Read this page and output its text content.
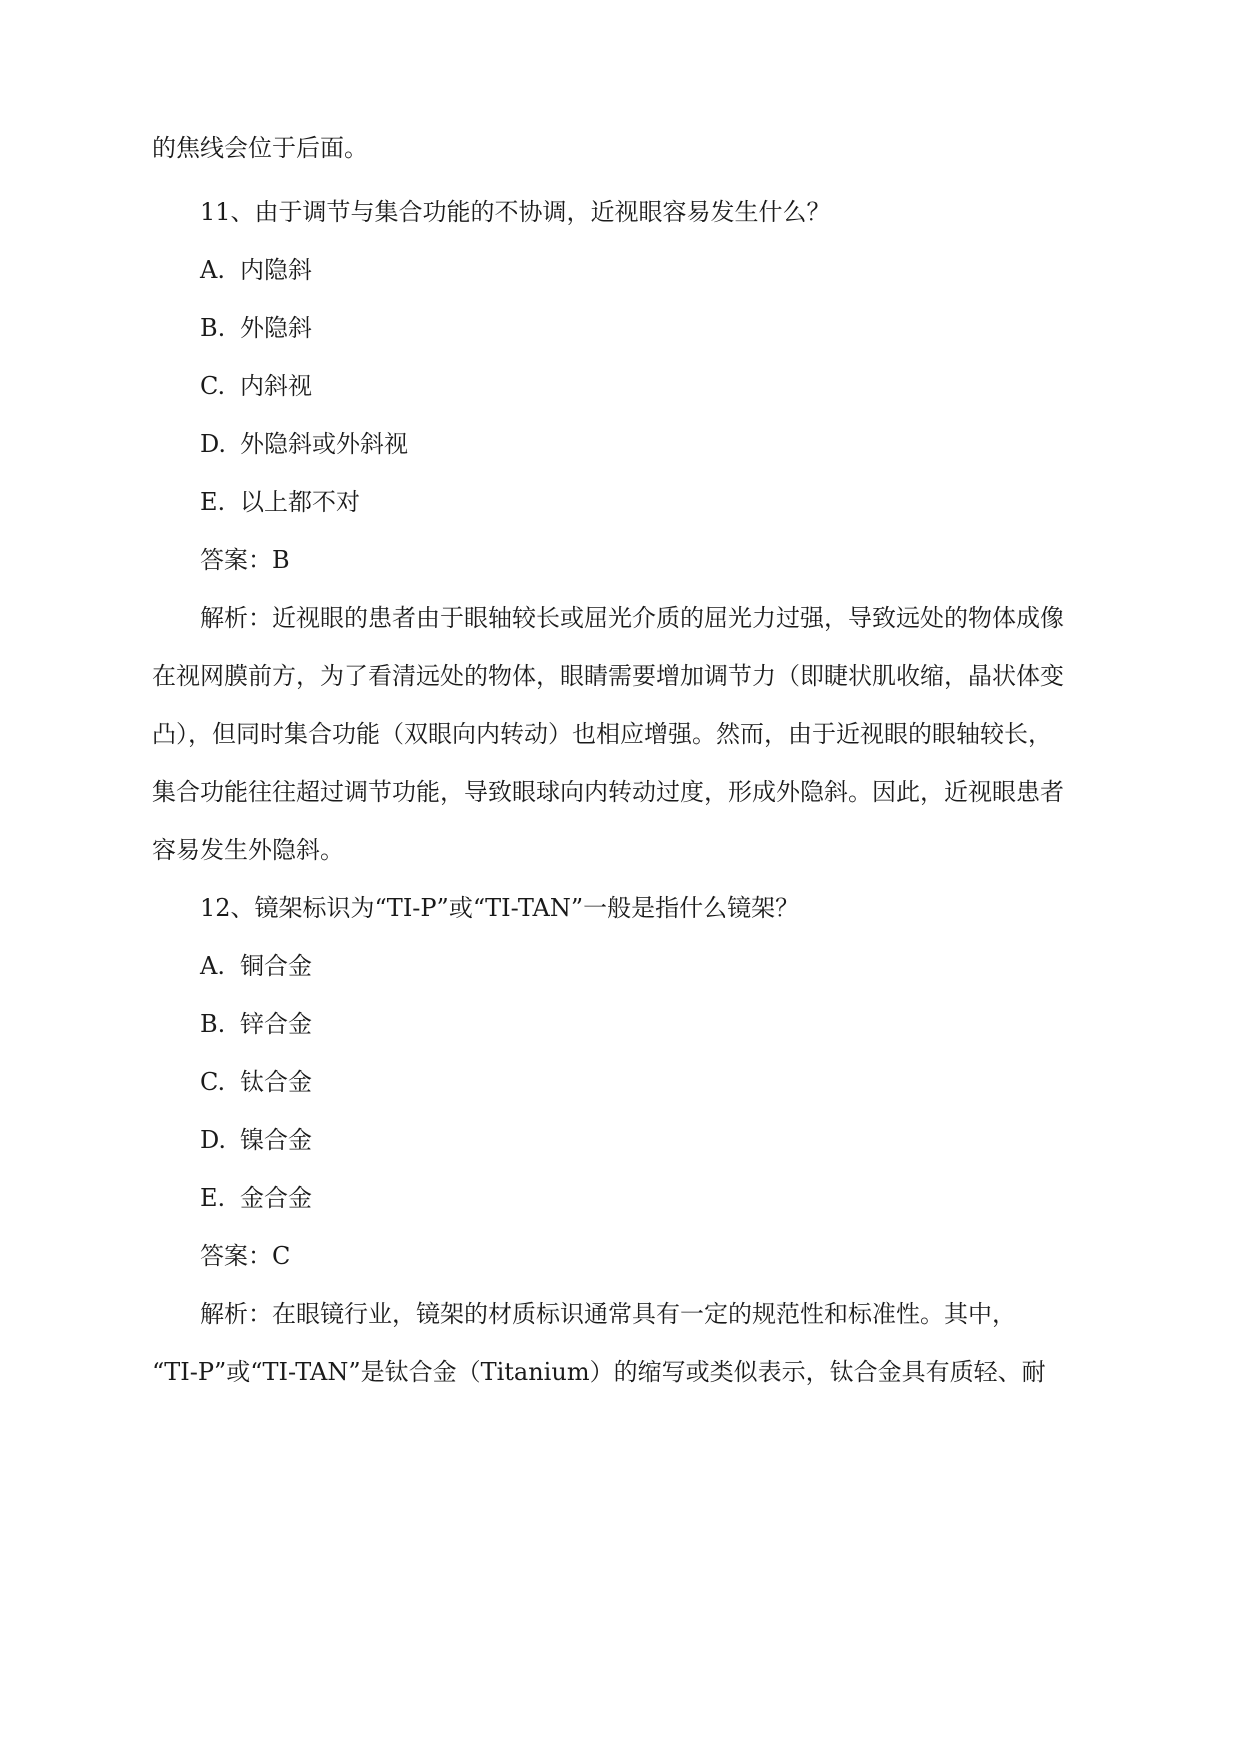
的焦线会位于后面。
11、由于调节与集合功能的不协调，近视眼容易发生什么？
A. 内隐斜
B. 外隐斜
C. 内斜视
D. 外隐斜或外斜视
E. 以上都不对
答案：B
解析：近视眼的患者由于眼轴较长或屈光介质的屈光力过强，导致远处的物体成像
在视网膜前方，为了看清远处的物体，眼睛需要增加调节力（即睫状肌收缩，晶状体变
凸），但同时集合功能（双眼向内转动）也相应增强。然而，由于近视眼的眼轴较长，
集合功能往往超过调节功能，导致眼球向内转动过度，形成外隐斜。因此，近视眼患者
容易发生外隐斜。
12、镜架标识为“TI-P”或“TI-TAN”一般是指什么镜架？
A. 铜合金
B. 锌合金
C. 钛合金
D. 镍合金
E. 金合金
答案：C
解析：在眼镜行业，镜架的材质标识通常具有一定的规范性和标准性。其中，
“TI-P”或“TI-TAN”是钛合金（Titanium）的缩写或类似表示，钛合金具有质轻、耐
